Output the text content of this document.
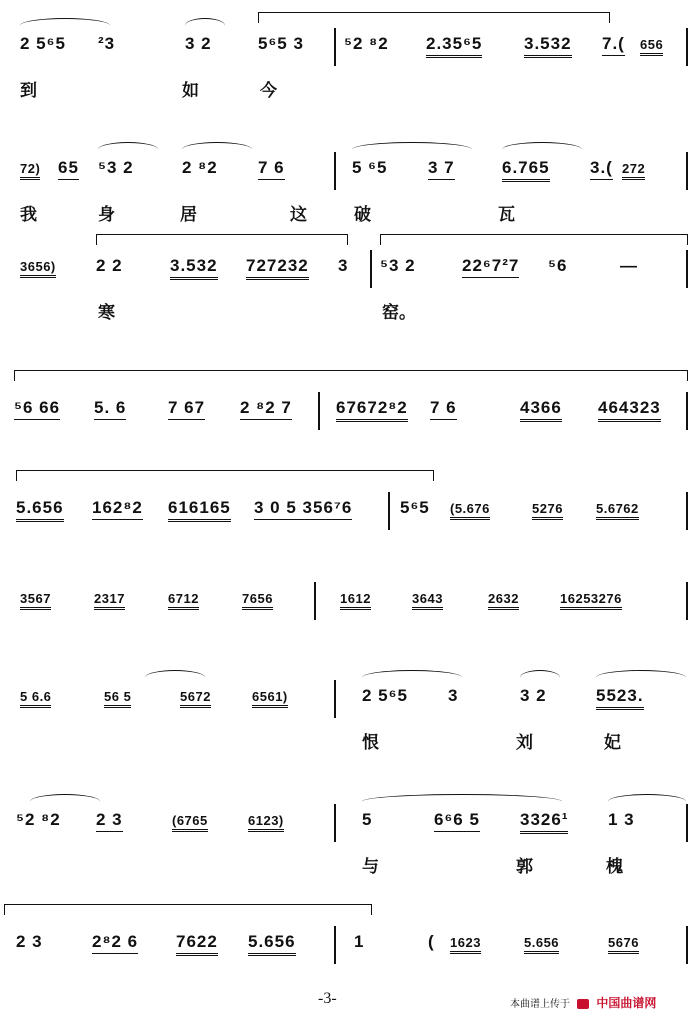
2 5⁶5 ²3	3 2	5⁶5 3 ⁵2 ⁸2 2.35⁶5 3.532 7.( 656
到	如	今
72) 65 ⁵3 2	2 ⁸2 7 6	5 ⁶5 3 7	6.765 3.( 272
我	身	居	这	破	瓦
3656) 2 2	3.532 727232 3 ⁵3 2	22⁶7²7 ⁵6	—
寒	窑。
⁵6 66 5. 6 7 67 2 ⁸2 7	67672⁸2 7 6	4366 464323
5.656 162⁸2 616165 3 0 5 356⁷6	5⁶5 (5.676	5276	5.6762
3567	2317	6712	7656	1612	3643	2632	16253276
5 6.6	56 5	5672	6561)	2 5⁶5 3	3 2	5523.
恨	刘	妃
⁵2 ⁸2 2 3	(6765	6123)	5	6⁶6 5 3326¹ 1 3
与	郭	槐
2 3	2⁸2 6 7622 5.656	1	( 1623	5.656	5676
-3-	本曲谱上传于 中国曲谱网
